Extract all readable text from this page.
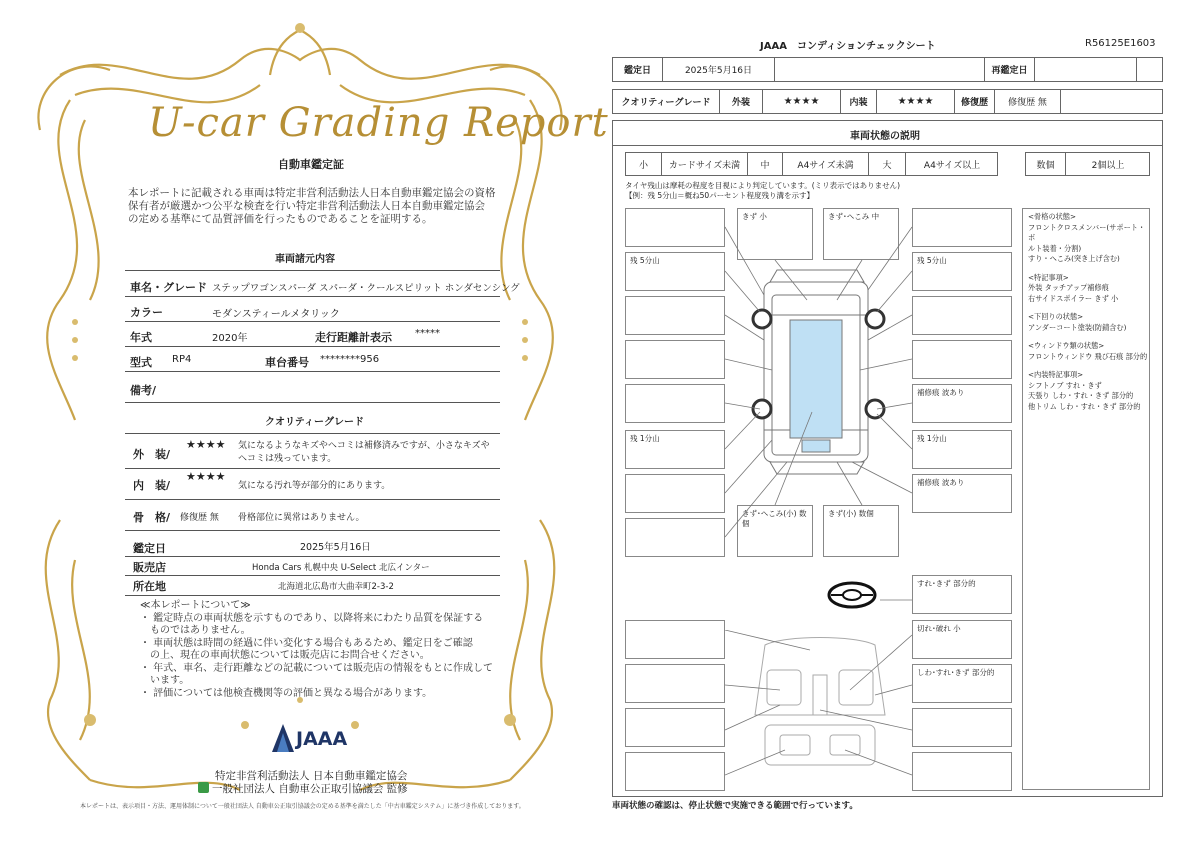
U-car Grading Report
自動車鑑定証
本レポートに記載される車両は特定非営利活動法人日本自動車鑑定協会の資格
保有者が厳選かつ公平な検査を行い特定非営利活動法人日本自動車鑑定協会
の定める基準にて品質評価を行ったものであることを証明する。
車両諸元内容
車名・グレード ステップワゴンスパーダ スパーダ・クールスピリット ホンダセンシング
カラー	モダンスティールメタリック
年式	2020年	走行距離計表示 *****
型式 RP4	車台番号 ********956
備考/
クオリティーグレード
外　装/
★★★★ 気になるようなキズやヘコミは補修済みですが、小さなキズや
ヘコミは残っています。
内　装/
★★★★
気になる汚れ等が部分的にあります。
骨　格/ 修復歴 無 骨格部位に異常はありません。
鑑定日	2025年5月16日
販売店	Honda Cars 札幌中央 U-Select 北広インター
所在地	北海道北広島市大曲幸町2-3-2
≪本レポートについて≫
・ 鑑定時点の車両状態を示すものであり、以降将来にわたり品質を保証する
　ものではありません。
・ 車両状態は時間の経過に伴い変化する場合もあるため、鑑定日をご確認
　の上、現在の車両状態については販売店にお問合せください。
・ 年式、車名、走行距離などの記載については販売店の情報をもとに作成して
　います。
・ 評価については他検査機関等の評価と異なる場合があります。
JAAA
特定非営利活動法人 日本自動車鑑定協会
一般社団法人 自動車公正取引協議会 監修
本レポートは、表示項目・方法、運用体制について一般社団法人 自動車公正取引協議会の定める基準を満たした「中古車鑑定システム」に基づき作成しております。
JAAA　コンディションチェックシート	R56125E1603
鑑定日	2025年5月16日	再鑑定日
クオリティーグレード	外装	★★★★	内装	★★★★	修復歴	修復歴 無
車両状態の説明
小	カードサイズ未満	中	A4サイズ未満	大	A4サイズ以上	数個	2個以上
タイヤ残山は摩耗の程度を目視により判定しています。(ミリ表示ではありません)
【例：残 5分山＝概ね50パーセント程度残り溝を示す】
残 5分山
残 1分山
きず 小	きず･へこみ 中
きず･へこみ(小) 数個
きず(小) 数個
残 5分山
補修痕 波あり
残 1分山
補修痕 波あり
すれ･きず 部分的
切れ･破れ 小
しわ･すれ･きず 部分的
<骨格の状態>
フロントクロスメンバー(サポート・ボ
ルト装着・分割)
すり・へこみ(突き上げ含む)
<特記事項>
外装 タッチアップ補修痕
右サイドスポイラー きず 小
<下回りの状態>
アンダーコート塗装(防錆含む)
<ウィンドウ類の状態>
フロントウィンドウ 飛び石痕 部分的
<内装特記事項>
シフトノブ すれ・きず
天張り しわ・すれ・きず 部分的
他トリム しわ・すれ・きず 部分的
車両状態の確認は、停止状態で実施できる範囲で行っています。
